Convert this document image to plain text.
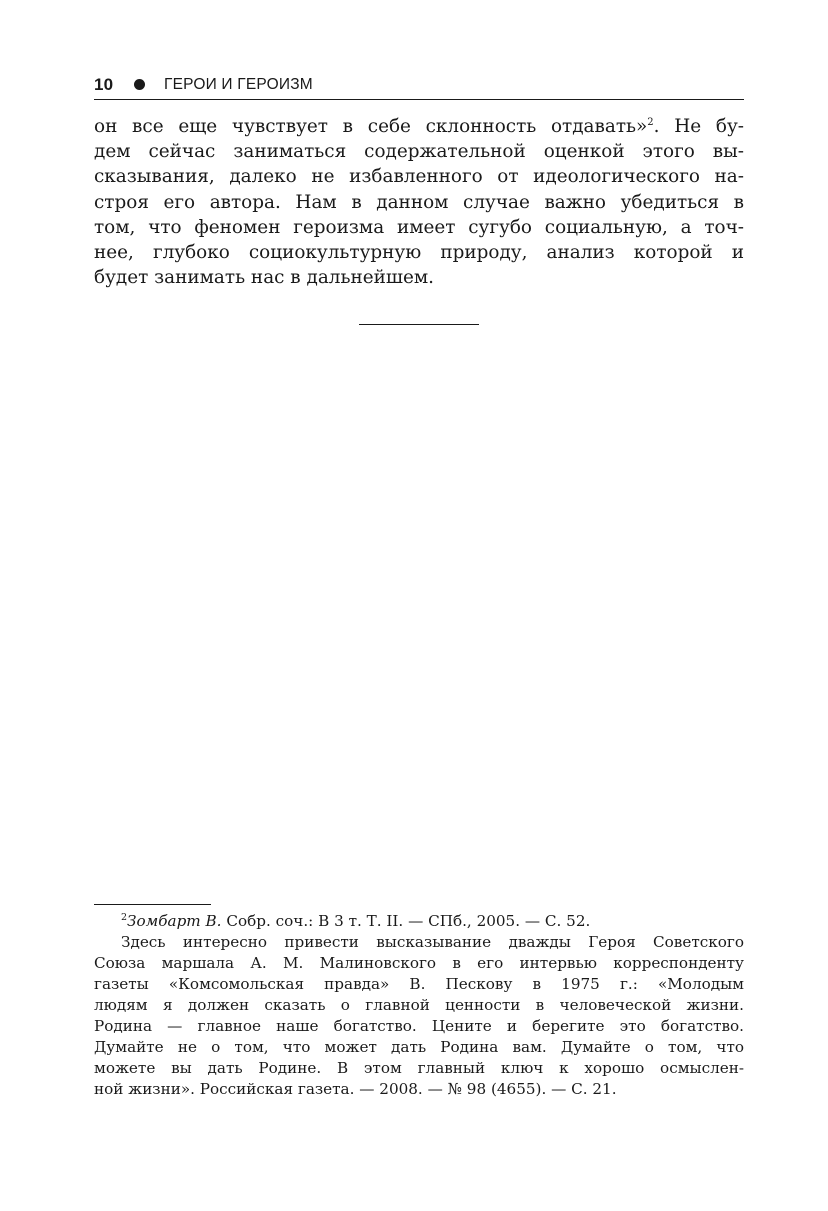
10	ГЕРОИ И ГЕРОИЗМ
он все еще чувствует в себе склонность отдавать»$^2$. Не бу-
дем сейчас заниматься содержательной оценкой этого вы-
сказывания, далеко не избавленного от идеологического на-
строя его автора. Нам в данном случае важно убедиться в
том, что феномен героизма имеет сугубо социальную, а точ-
нее, глубоко социокультурную природу, анализ которой и
будет занимать нас в дальнейшем.
$^2$Зомбарт В. Собр. соч.: В 3 т. Т. II. — СПб., 2005. — С. 52.
Здесь интересно привести высказывание дважды Героя Советского
Союза маршала А. М. Малиновского в его интервью корреспонденту
газеты «Комсомольская правда» В. Пескову в 1975 г.: «Молодым
людям я должен сказать о главной ценности в человеческой жизни.
Родина — главное наше богатство. Цените и берегите это богатство.
Думайте не о том, что может дать Родина вам. Думайте о том, что
можете вы дать Родине. В этом главный ключ к хорошо осмыслен-
ной жизни». Российская газета. — 2008. — № 98 (4655). — С. 21.
